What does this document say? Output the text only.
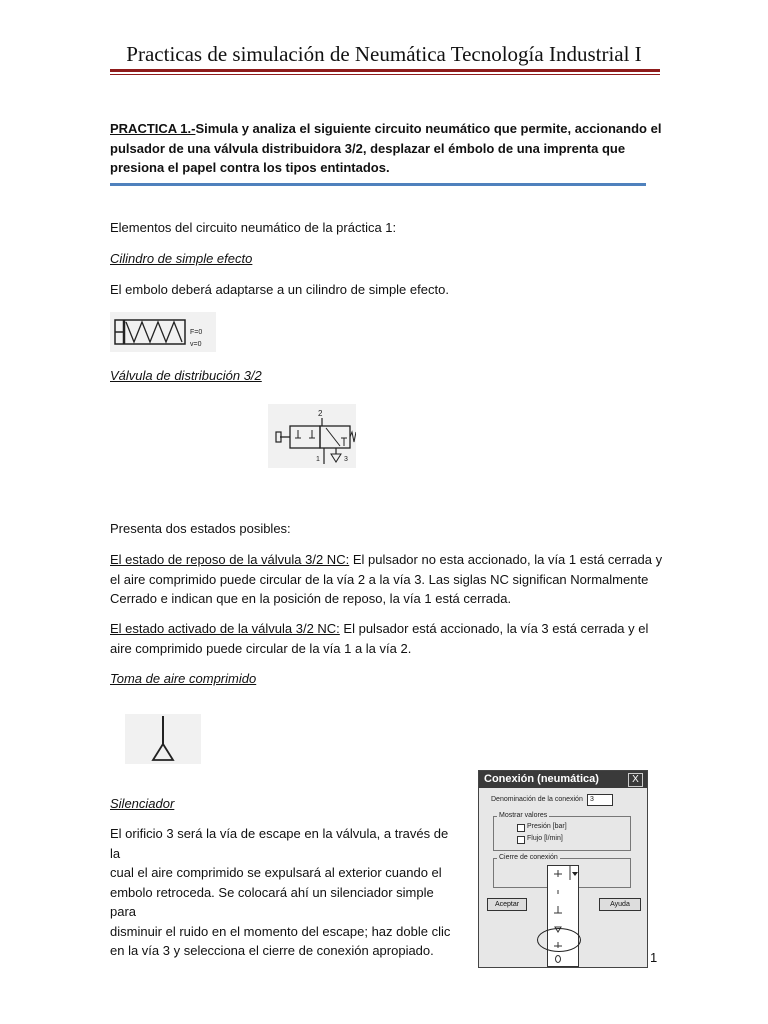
Practicas de simulación de Neumática Tecnología Industrial I
PRACTICA 1.-Simula y analiza el siguiente circuito neumático que permite, accionando el
pulsador de una válvula distribuidora 3/2, desplazar el émbolo de una imprenta que
presiona el papel contra los tipos entintados.
Elementos del circuito neumático de la práctica 1:
Cilindro de simple efecto
El embolo deberá adaptarse a un cilindro de simple efecto.
F=0
v=0
Válvula de distribución 3/2
2
1	3
Presenta dos estados posibles:
El estado de reposo de la válvula 3/2 NC: El pulsador no esta accionado, la vía 1 está cerrada y
el aire comprimido puede circular de la vía 2 a la vía 3. Las siglas NC significan Normalmente
Cerrado e indican que en la posición de reposo, la vía 1 está cerrada.
El estado activado de la válvula 3/2 NC: El pulsador está accionado, la vía 3 está cerrada y el
aire comprimido puede circular de la vía 1 a la vía 2.
Toma de aire comprimido
Silenciador
El orificio 3 será la vía de escape en la válvula, a través de la
cual el aire comprimido se expulsará al exterior cuando el
embolo retroceda. Se colocará ahí un silenciador simple para
disminuir el ruido en el momento del escape; haz doble clic
en la vía 3 y selecciona el cierre de conexión apropiado.
Conexión (neumática)	X
Denominación de la conexión	3
Mostrar valores
Presión [bar]
Flujo [l/min]
Cierre de conexión
Aceptar	Ayuda
1
